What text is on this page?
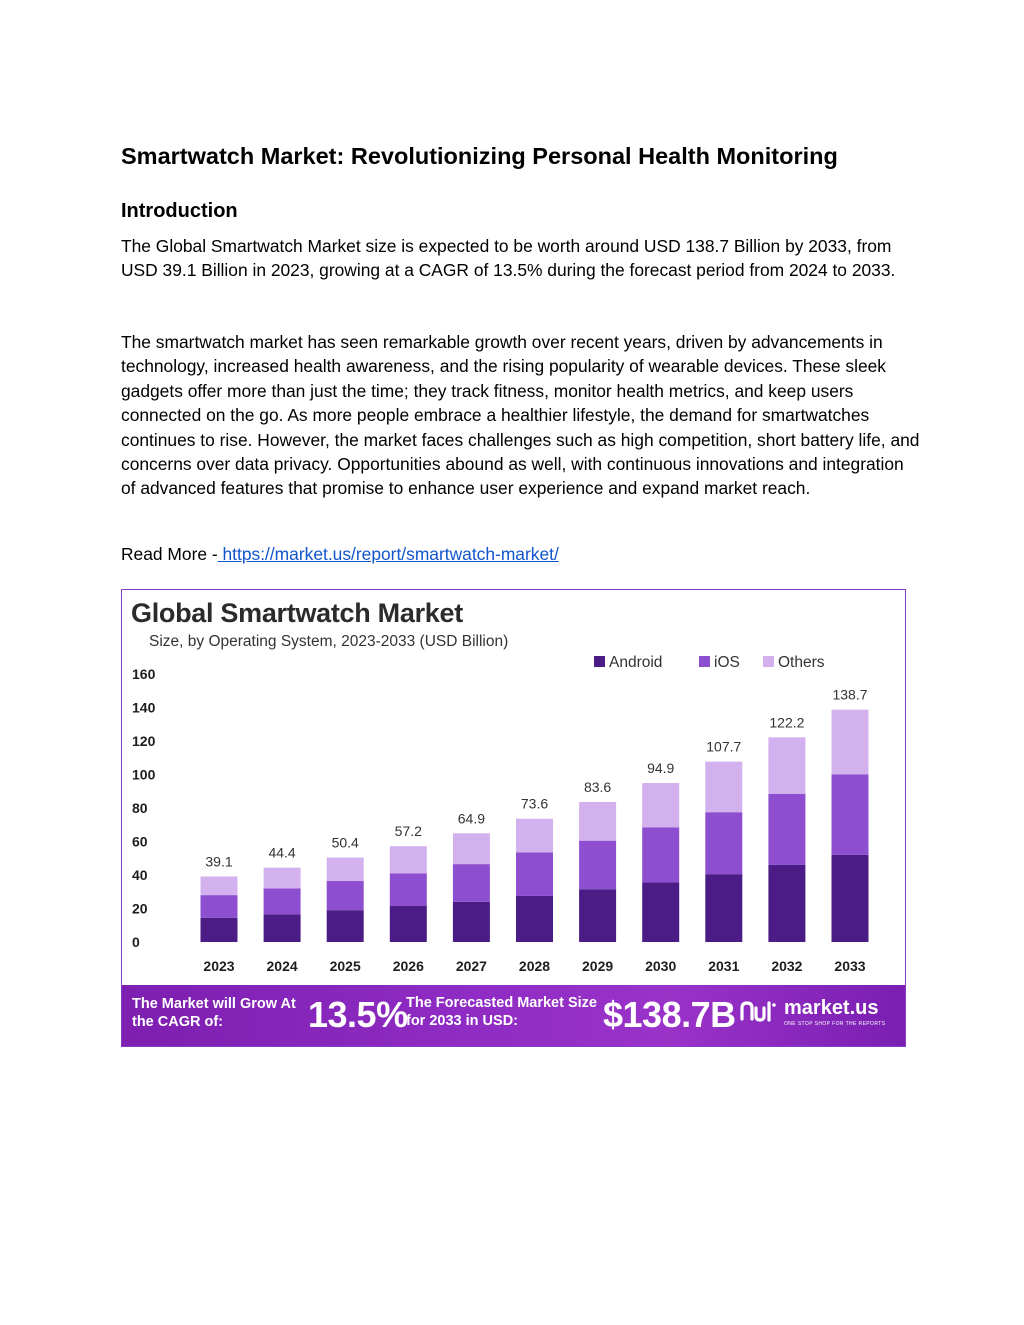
Smartwatch Market: Revolutionizing Personal Health Monitoring
Introduction

The Global Smartwatch Market size is expected to be worth around USD 138.7 Billion by 2033, from USD 39.1 Billion in 2023, growing at a CAGR of 13.5% during the forecast period from 2024 to 2033.

The smartwatch market has seen remarkable growth over recent years, driven by advancements in technology, increased health awareness, and the rising popularity of wearable devices. These sleek gadgets offer more than just the time; they track fitness, monitor health metrics, and keep users connected on the go. As more people embrace a healthier lifestyle, the demand for smartwatches continues to rise. However, the market faces challenges such as high competition, short battery life, and concerns over data privacy. Opportunities abound as well, with continuous innovations and integration of advanced features that promise to enhance user experience and expand market reach.

Read More - https://market.us/report/smartwatch-market/

Global Smartwatch Market

Size, by Operating System, 2023-2033 (USD Billion)

0
20
40
60
80
100
120
140
160
39.1
2023
44.4
2024
50.4
2025
57.2
2026
64.9
2027
73.6
2028
83.6
2029
94.9
2030
107.7
2031
122.2
2032
138.7
2033
Android	iOS Others
The Market will Grow At the CAGR of:	13.5%
The Forecasted Market Size for 2033 in USD:	$138.7B market.us
ONE STOP SHOP FOR THE REPORTS
